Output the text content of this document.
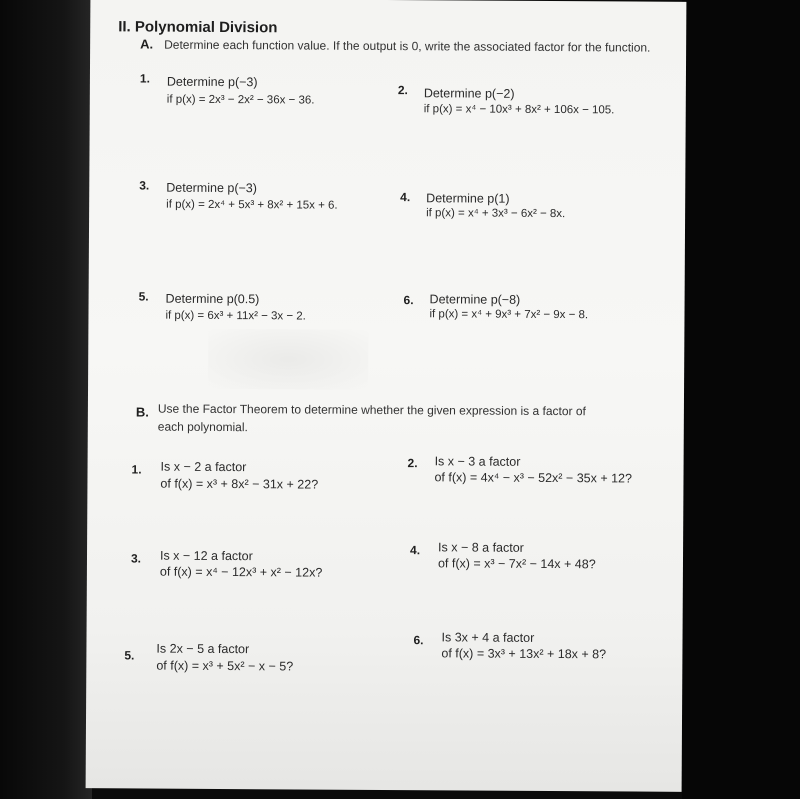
II. Polynomial Division
A. Determine each function value. If the output is 0, write the associated factor for the function.
1. Determine p(−3)
if p(x) = 2x³ − 2x² − 36x − 36.
2. Determine p(−2)
if p(x) = x⁴ − 10x³ + 8x² + 106x − 105.
3. Determine p(−3)
if p(x) = 2x⁴ + 5x³ + 8x² + 15x + 6.
4. Determine p(1)
if p(x) = x⁴ + 3x³ − 6x² − 8x.
5. Determine p(0.5)
if p(x) = 6x³ + 11x² − 3x − 2.
6. Determine p(−8)
if p(x) = x⁴ + 9x³ + 7x² − 9x − 8.
B. Use the Factor Theorem to determine whether the given expression is a factor of
each polynomial.
1. Is x − 2 a factor
of f(x) = x³ + 8x² − 31x + 22?
2. Is x − 3 a factor
of f(x) = 4x⁴ − x³ − 52x² − 35x + 12?
3. Is x − 12 a factor
of f(x) = x⁴ − 12x³ + x² − 12x?
4. Is x − 8 a factor
of f(x) = x³ − 7x² − 14x + 48?
5. Is 2x − 5 a factor
of f(x) = x³ + 5x² − x − 5?
6. Is 3x + 4 a factor
of f(x) = 3x³ + 13x² + 18x + 8?
